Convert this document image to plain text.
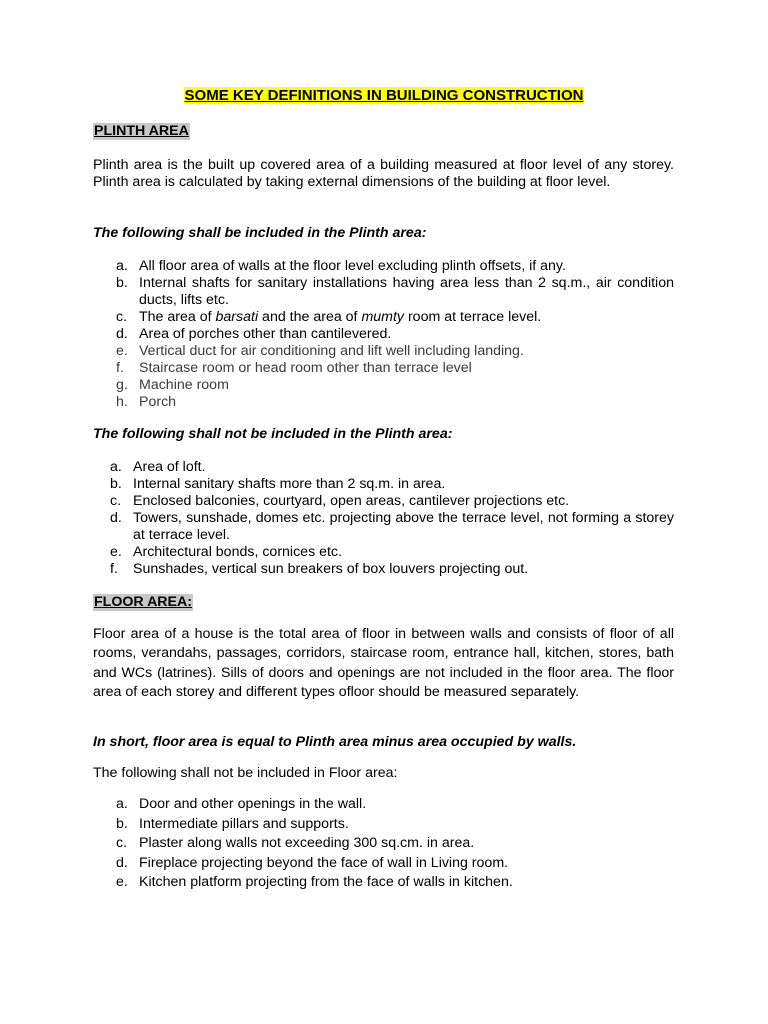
SOME KEY DEFINITIONS IN BUILDING CONSTRUCTION
PLINTH AREA

Plinth area is the built up covered area of a building measured at floor level of any storey. Plinth area is calculated by taking external dimensions of the building at floor level.

The following shall be included in the Plinth area:

a. All floor area of walls at the floor level excluding plinth offsets, if any.
b. Internal shafts for sanitary installations having area less than 2 sq.m., air condition ducts, lifts etc.
c. The area of barsati and the area of mumty room at terrace level.
d. Area of porches other than cantilevered.
e. Vertical duct for air conditioning and lift well including landing.
f. Staircase room or head room other than terrace level
g. Machine room
h. Porch

The following shall not be included in the Plinth area:

a. Area of loft.
b. Internal sanitary shafts more than 2 sq.m. in area.
c. Enclosed balconies, courtyard, open areas, cantilever projections etc.
d. Towers, sunshade, domes etc. projecting above the terrace level, not forming a storey at terrace level.
e. Architectural bonds, cornices etc.
f. Sunshades, vertical sun breakers of box louvers projecting out.
FLOOR AREA:

Floor area of a house is the total area of floor in between walls and consists of floor of all rooms, verandahs, passages, corridors, staircase room, entrance hall, kitchen, stores, bath and WCs (latrines). Sills of doors and openings are not included in the floor area. The floor area of each storey and different types ofloor should be measured separately.

In short, floor area is equal to Plinth area minus area occupied by walls.

The following shall not be included in Floor area:

a. Door and other openings in the wall.
b. Intermediate pillars and supports.
c. Plaster along walls not exceeding 300 sq.cm. in area.
d. Fireplace projecting beyond the face of wall in Living room.
e. Kitchen platform projecting from the face of walls in kitchen.
